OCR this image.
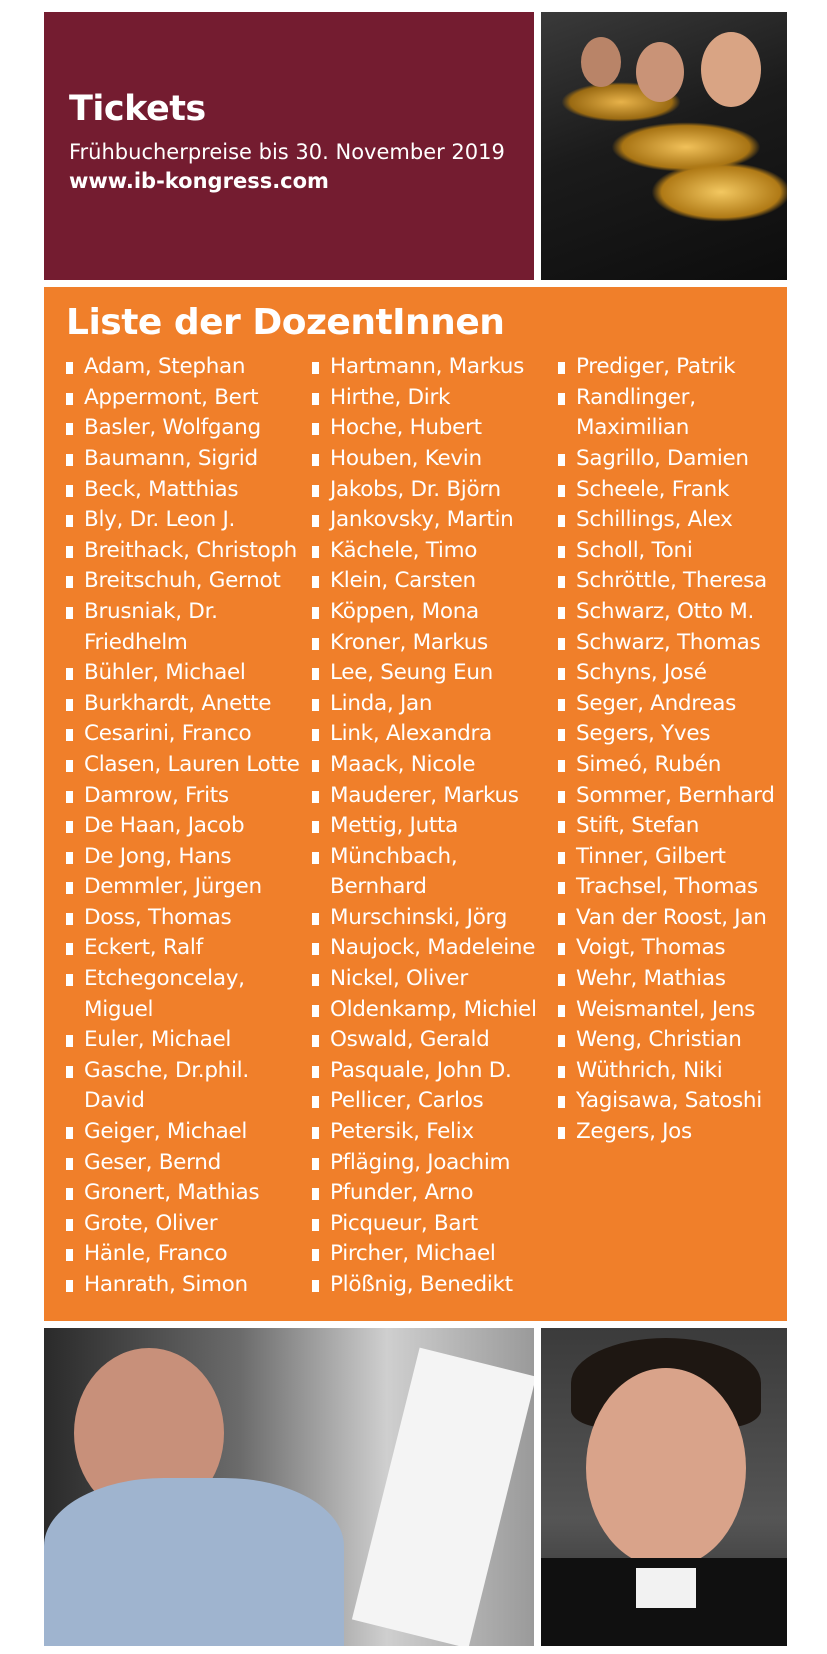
Tickets
Frühbucherpreise bis 30. November 2019
www.ib-kongress.com
Liste der DozentInnen
Adam, Stephan
Appermont, Bert
Basler, Wolfgang
Baumann, Sigrid
Beck, Matthias
Bly, Dr. Leon J.
Breithack, Christoph
Breitschuh, Gernot
Brusniak, Dr.
Friedhelm
Bühler, Michael
Burkhardt, Anette
Cesarini, Franco
Clasen, Lauren Lotte
Damrow, Frits
De Haan, Jacob
De Jong, Hans
Demmler, Jürgen
Doss, Thomas
Eckert, Ralf
Etchegoncelay,
Miguel
Euler, Michael
Gasche, Dr.phil.
David
Geiger, Michael
Geser, Bernd
Gronert, Mathias
Grote, Oliver
Hänle, Franco
Hanrath, Simon
Hartmann, Markus
Hirthe, Dirk
Hoche, Hubert
Houben, Kevin
Jakobs, Dr. Björn
Jankovsky, Martin
Kächele, Timo
Klein, Carsten
Köppen, Mona
Kroner, Markus
Lee, Seung Eun
Linda, Jan
Link, Alexandra
Maack, Nicole
Mauderer, Markus
Mettig, Jutta
Münchbach,
Bernhard
Murschinski, Jörg
Naujock, Madeleine
Nickel, Oliver
Oldenkamp, Michiel
Oswald, Gerald
Pasquale, John D.
Pellicer, Carlos
Petersik, Felix
Pfläging, Joachim
Pfunder, Arno
Picqueur, Bart
Pircher, Michael
Plößnig, Benedikt
Prediger, Patrik
Randlinger,
Maximilian
Sagrillo, Damien
Scheele, Frank
Schillings, Alex
Scholl, Toni
Schröttle, Theresa
Schwarz, Otto M.
Schwarz, Thomas
Schyns, José
Seger, Andreas
Segers, Yves
Simeó, Rubén
Sommer, Bernhard
Stift, Stefan
Tinner, Gilbert
Trachsel, Thomas
Van der Roost, Jan
Voigt, Thomas
Wehr, Mathias
Weismantel, Jens
Weng, Christian
Wüthrich, Niki
Yagisawa, Satoshi
Zegers, Jos
